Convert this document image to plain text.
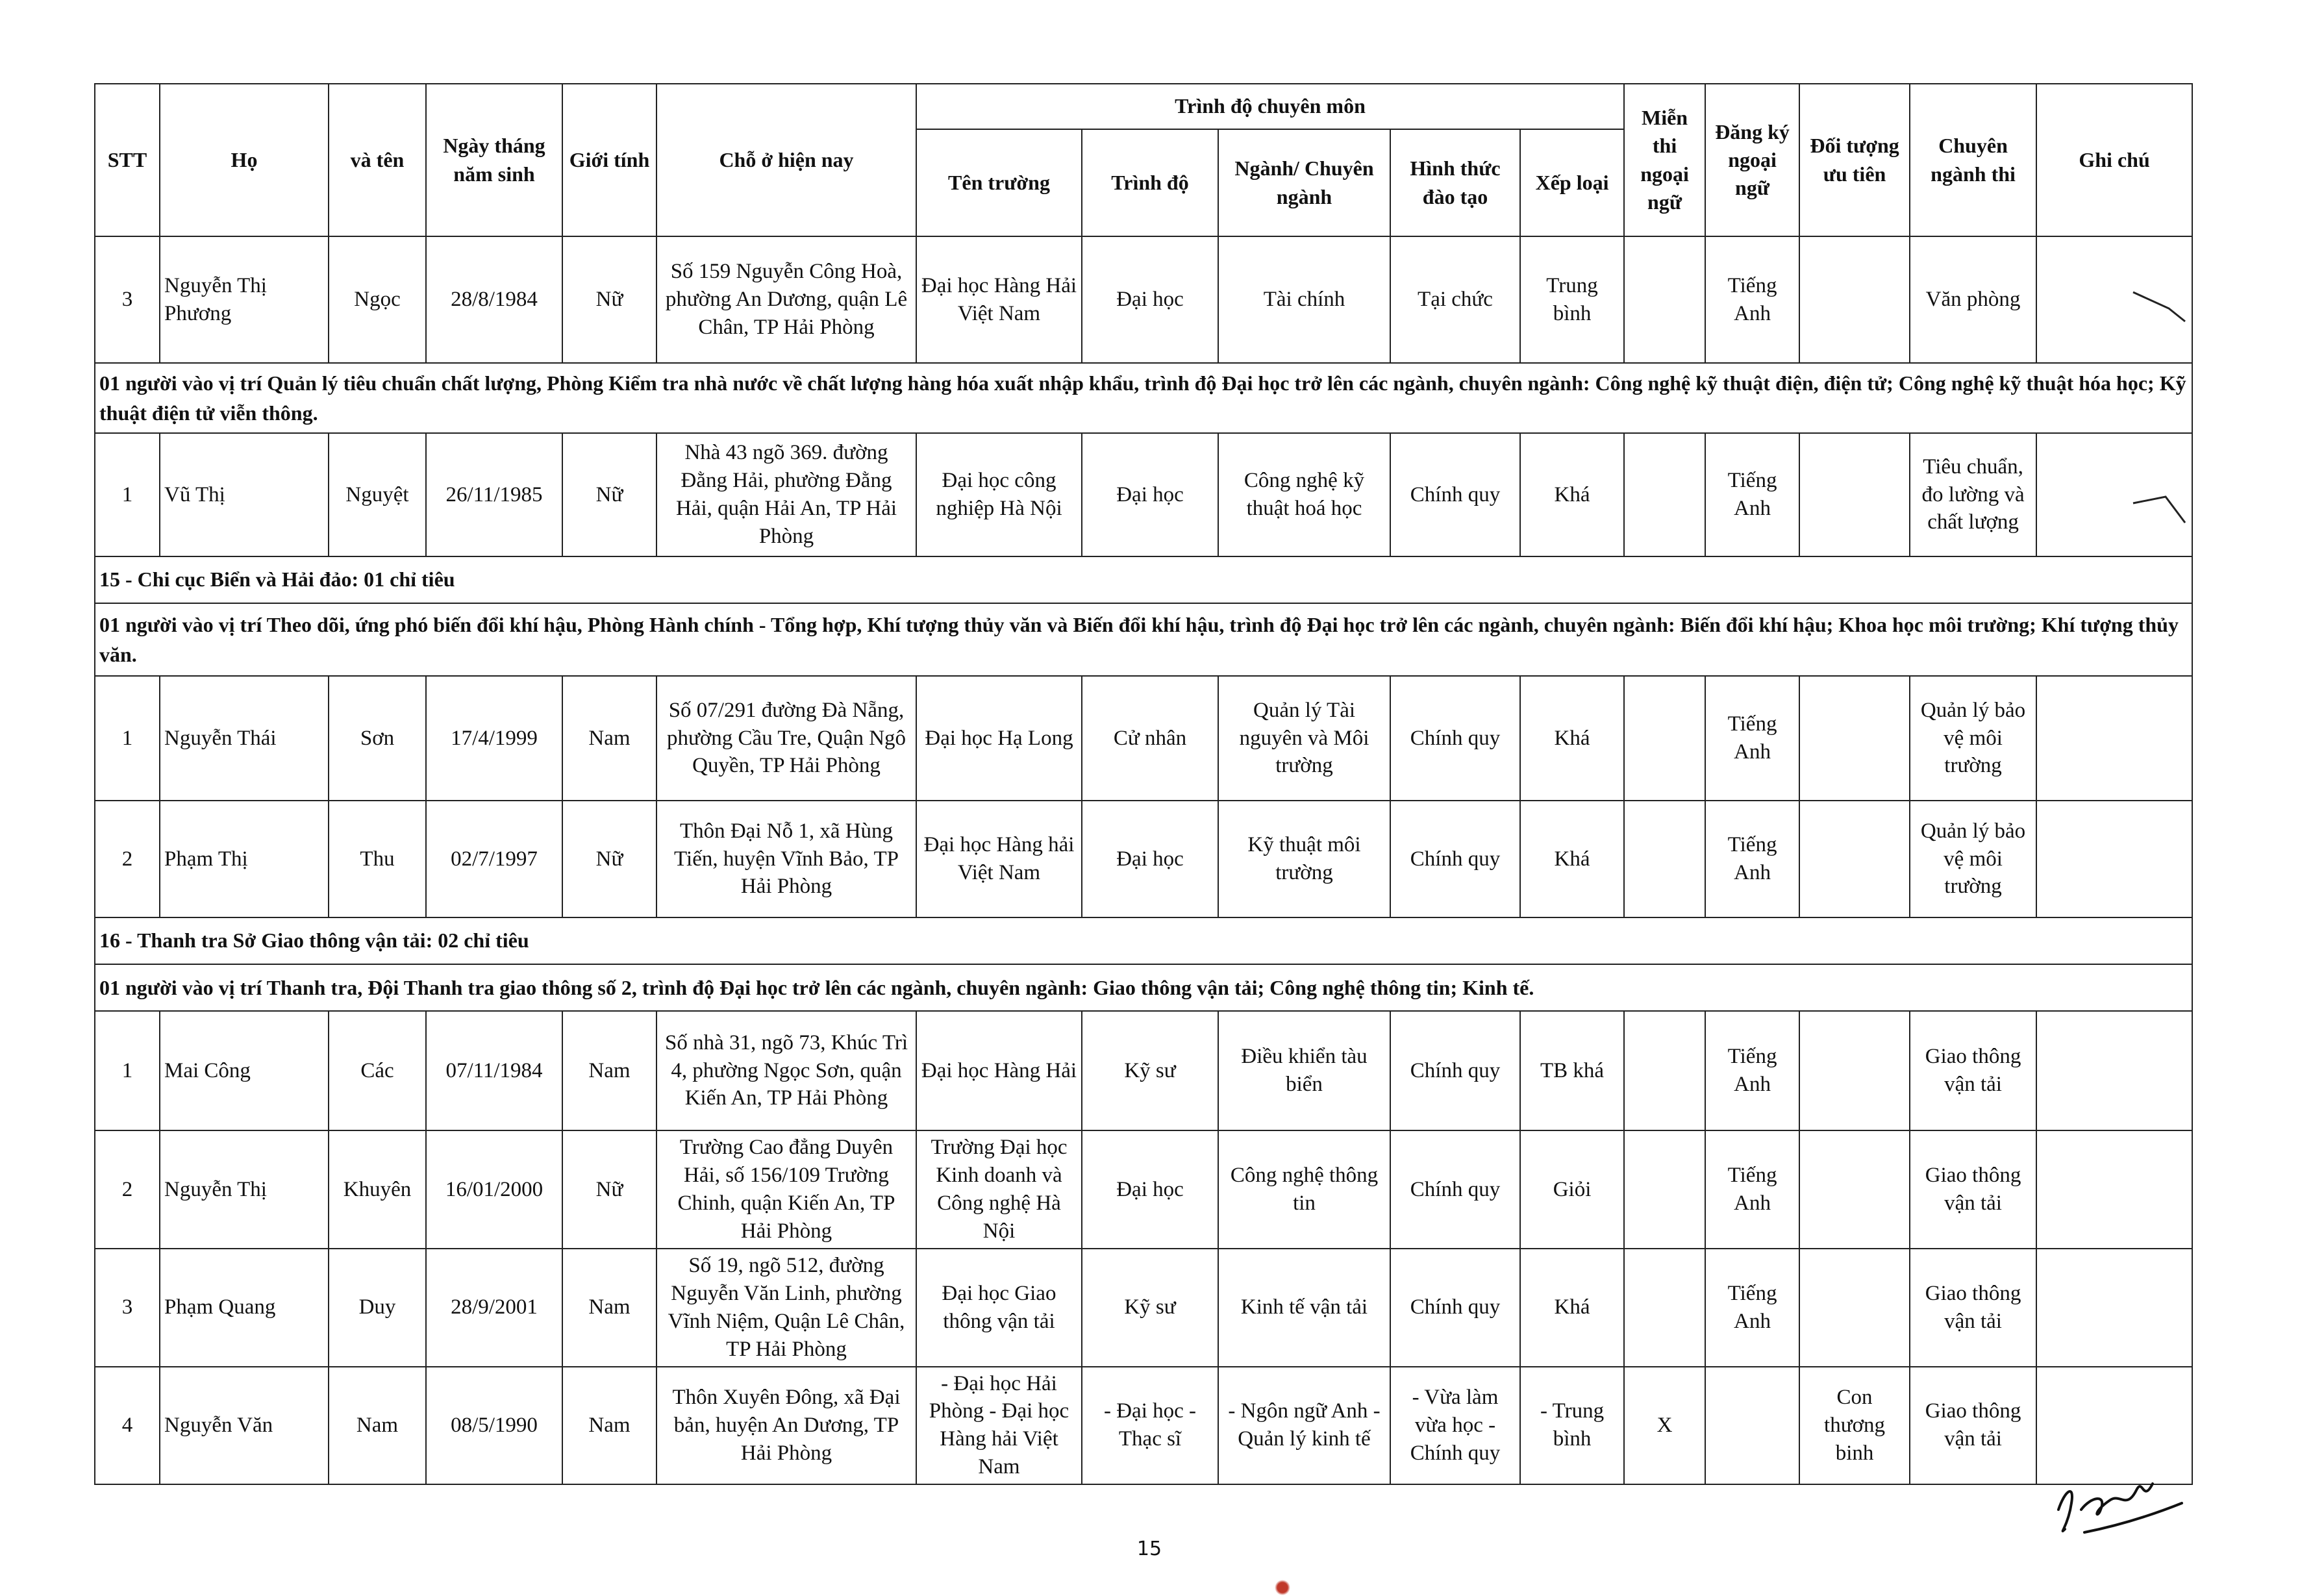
STT	Họ	và tên	Ngày tháng năm sinh	Giới tính	Chỗ ở hiện nay	Trình độ chuyên môn					Miễn thi ngoại ngữ	Đăng ký ngoại ngữ	Đối tượng ưu tiên	Chuyên ngành thi	Ghi chú
						Tên trường	Trình độ	Ngành/ Chuyên ngành	Hình thức đào tạo	Xếp loại					
3	Nguyễn Thị Phương	Ngọc	28/8/1984	Nữ	Số 159 Nguyễn Công Hoà, phường An Dương, quận Lê Chân, TP Hải Phòng	Đại học Hàng Hải Việt Nam	Đại học	Tài chính	Tại chức	Trung bình		Tiếng Anh		Văn phòng	
01 người vào vị trí Quản lý tiêu chuẩn chất lượng, Phòng Kiểm tra nhà nước về chất lượng hàng hóa xuất nhập khẩu, trình độ Đại học trở lên các ngành, chuyên ngành: Công nghệ kỹ thuật điện, điện tử; Công nghệ kỹ thuật hóa học; Kỹ thuật điện tử viễn thông.															
1	Vũ Thị	Nguyệt	26/11/1985	Nữ	Nhà 43 ngõ 369. đường Đằng Hải, phường Đằng Hải, quận Hải An, TP Hải Phòng	Đại học công nghiệp Hà Nội	Đại học	Công nghệ kỹ thuật hoá học	Chính quy	Khá		Tiếng Anh		Tiêu chuẩn, đo lường và chất lượng	
15 - Chi cục Biển và Hải đảo: 01 chỉ tiêu															
01 người vào vị trí Theo dõi, ứng phó biến đổi khí hậu, Phòng Hành chính - Tổng hợp, Khí tượng thủy văn và Biến đổi khí hậu, trình độ Đại học trở lên các ngành, chuyên ngành: Biến đổi khí hậu; Khoa học môi trường; Khí tượng thủy văn.															
1	Nguyễn Thái	Sơn	17/4/1999	Nam	Số 07/291 đường Đà Nẵng, phường Cầu Tre, Quận Ngô Quyền, TP Hải Phòng	Đại học Hạ Long	Cử nhân	Quản lý Tài nguyên và Môi trường	Chính quy	Khá		Tiếng Anh		Quản lý bảo vệ môi trường	
2	Phạm Thị	Thu	02/7/1997	Nữ	Thôn Đại Nỗ 1, xã Hùng Tiến, huyện Vĩnh Bảo, TP Hải Phòng	Đại học Hàng hải Việt Nam	Đại học	Kỹ thuật môi trường	Chính quy	Khá		Tiếng Anh		Quản lý bảo vệ môi trường	
16 - Thanh tra Sở Giao thông vận tải: 02 chỉ tiêu															
01 người vào vị trí Thanh tra, Đội Thanh tra giao thông số 2, trình độ Đại học trở lên các ngành, chuyên ngành: Giao thông vận tải; Công nghệ thông tin; Kinh tế.															
1	Mai Công	Các	07/11/1984	Nam	Số nhà 31, ngõ 73, Khúc Trì 4, phường Ngọc Sơn, quận Kiến An, TP Hải Phòng	Đại học Hàng Hải	Kỹ sư	Điều khiển tàu biển	Chính quy	TB khá		Tiếng Anh		Giao thông vận tải	
2	Nguyễn Thị	Khuyên	16/01/2000	Nữ	Trường Cao đẳng Duyên Hải, số 156/109 Trường Chinh, quận Kiến An, TP Hải Phòng	Trường Đại học Kinh doanh và Công nghệ Hà Nội	Đại học	Công nghệ thông tin	Chính quy	Giỏi		Tiếng Anh		Giao thông vận tải	
3	Phạm Quang	Duy	28/9/2001	Nam	Số 19, ngõ 512, đường Nguyễn Văn Linh, phường Vĩnh Niệm, Quận Lê Chân, TP Hải Phòng	Đại học Giao thông vận tải	Kỹ sư	Kinh tế vận tải	Chính quy	Khá		Tiếng Anh		Giao thông vận tải	
4	Nguyễn Văn	Nam	08/5/1990	Nam	Thôn Xuyên Đông, xã Đại bản, huyện An Dương, TP Hải Phòng	- Đại học Hải Phòng - Đại học Hàng hải Việt Nam	- Đại học - Thạc sĩ	- Ngôn ngữ Anh - Quản lý kinh tế	- Vừa làm vừa học - Chính quy	- Trung bình	X		Con thương binh	Giao thông vận tải	
15
